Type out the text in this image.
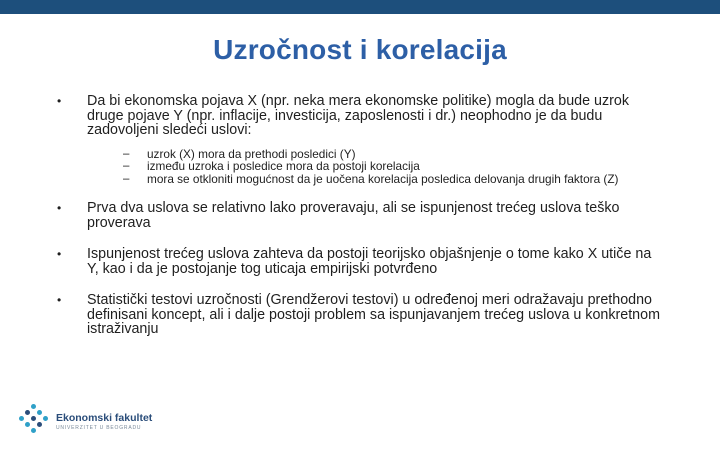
Uzročnost i korelacija
•	Da bi ekonomska pojava X (npr. neka mera ekonomske politike) mogla da bude uzrok druge pojave Y (npr. inflacije, investicija, zaposlenosti i dr.) neophodno je da budu zadovoljeni sledeći uslovi:
–	uzrok (X) mora da prethodi posledici (Y)
–	između uzroka i posledice mora da postoji korelacija
–	mora se otkloniti mogućnost da je uočena korelacija posledica delovanja drugih faktora (Z)
•	Prva dva uslova se relativno lako proveravaju, ali se ispunjenost trećeg uslova teško proverava
•	Ispunjenost trećeg uslova zahteva da postoji teorijsko objašnjenje o tome kako X utiče na Y, kao i da je postojanje tog uticaja empirijski potvrđeno
•	Statistički testovi uzročnosti (Grendžerovi testovi) u određenoj meri odražavaju prethodno definisani koncept, ali i dalje postoji problem sa ispunjavanjem trećeg uslova u konkretnom istraživanju
Ekonomski fakultet
UNIVERZITET U BEOGRADU
